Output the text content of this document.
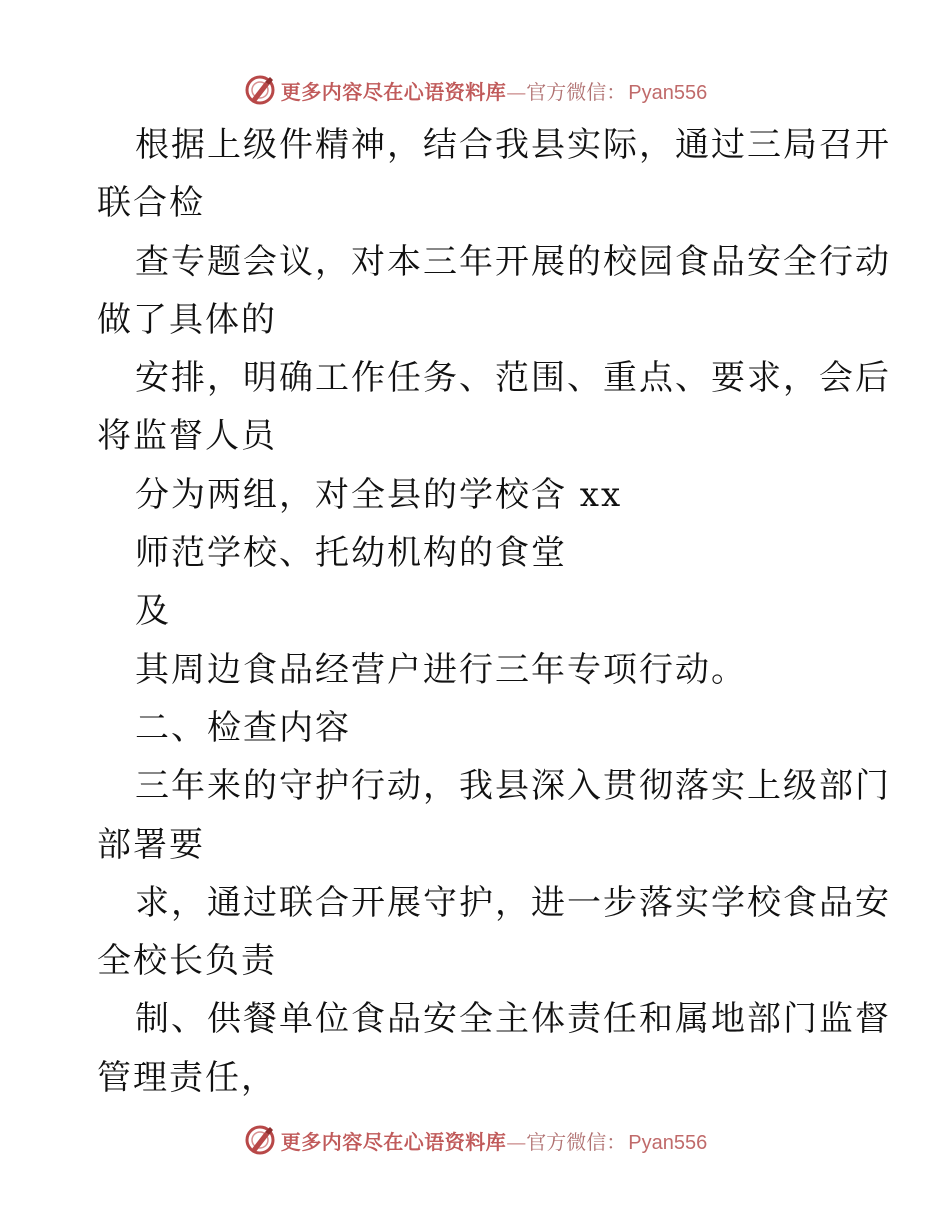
更多内容尽在心语资料库 — 官方微信： Pyan556
根据上级件精神，结合我县实际，通过三局召开
联合检
查专题会议，对本三年开展的校园食品安全行动
做了具体的
安排，明确工作任务、范围、重点、要求，会后
将监督人员
分为两组，对全县的学校含 xx
师范学校、托幼机构的食堂
及
其周边食品经营户进行三年专项行动。
二、检查内容
三年来的守护行动，我县深入贯彻落实上级部门
部署要
求，通过联合开展守护，进一步落实学校食品安
全校长负责
制、供餐单位食品安全主体责任和属地部门监督
管理责任，
更多内容尽在心语资料库 — 官方微信： Pyan556
